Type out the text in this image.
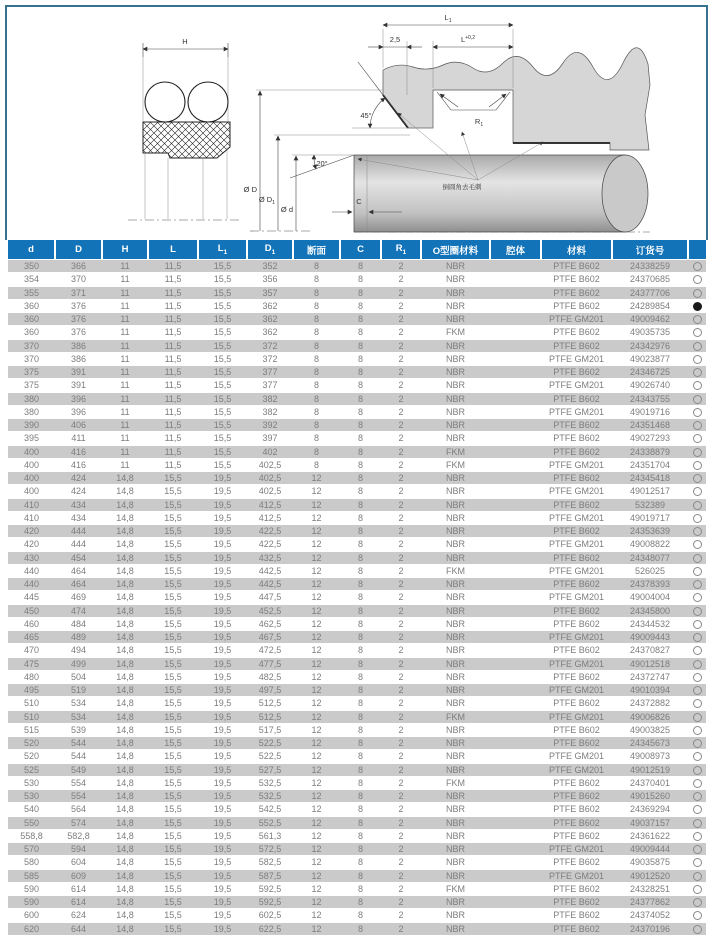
H
$L_1$
2,5	$L^{+0,2}$
45°
20°
$R_1$
C
Ø D
Ø $D_1$
Ø d
倒圆角去毛刺
d	D	H	L	$L_1$	$D_1$	断面	C	$R_1$	O型圈材料	腔体	材料	订货号	
350	366	11	11,5	15,5	352	8	8	2	NBR		PTFE B602	24338259	
354	370	11	11,5	15,5	356	8	8	2	NBR		PTFE B602	24370685	
355	371	11	11,5	15,5	357	8	8	2	NBR		PTFE B602	24377706	
360	376	11	11,5	15,5	362	8	8	2	NBR		PTFE B602	24289854	
360	376	11	11,5	15,5	362	8	8	2	NBR		PTFE GM201	49009462	
360	376	11	11,5	15,5	362	8	8	2	FKM		PTFE B602	49035735	
370	386	11	11,5	15,5	372	8	8	2	NBR		PTFE B602	24342976	
370	386	11	11,5	15,5	372	8	8	2	NBR		PTFE GM201	49023877	
375	391	11	11,5	15,5	377	8	8	2	NBR		PTFE B602	24346725	
375	391	11	11,5	15,5	377	8	8	2	NBR		PTFE GM201	49026740	
380	396	11	11,5	15,5	382	8	8	2	NBR		PTFE B602	24343755	
380	396	11	11,5	15,5	382	8	8	2	NBR		PTFE GM201	49019716	
390	406	11	11,5	15,5	392	8	8	2	NBR		PTFE B602	24351468	
395	411	11	11,5	15,5	397	8	8	2	NBR		PTFE B602	49027293	
400	416	11	11,5	15,5	402	8	8	2	FKM		PTFE B602	24338879	
400	416	11	11,5	15,5	402,5	8	8	2	FKM		PTFE GM201	24351704	
400	424	14,8	15,5	19,5	402,5	12	8	2	NBR		PTFE B602	24345418	
400	424	14,8	15,5	19,5	402,5	12	8	2	NBR		PTFE GM201	49012517	
410	434	14,8	15,5	19,5	412,5	12	8	2	NBR		PTFE B602	532389	
410	434	14,8	15,5	19,5	412,5	12	8	2	NBR		PTFE GM201	49019717	
420	444	14,8	15,5	19,5	422,5	12	8	2	NBR		PTFE B602	24353639	
420	444	14,8	15,5	19,5	422,5	12	8	2	NBR		PTFE GM201	49008822	
430	454	14,8	15,5	19,5	432,5	12	8	2	NBR		PTFE B602	24348077	
440	464	14,8	15,5	19,5	442,5	12	8	2	FKM		PTFE GM201	526025	
440	464	14,8	15,5	19,5	442,5	12	8	2	NBR		PTFE B602	24378393	
445	469	14,8	15,5	19,5	447,5	12	8	2	NBR		PTFE GM201	49004004	
450	474	14,8	15,5	19,5	452,5	12	8	2	NBR		PTFE B602	24345800	
460	484	14,8	15,5	19,5	462,5	12	8	2	NBR		PTFE B602	24344532	
465	489	14,8	15,5	19,5	467,5	12	8	2	NBR		PTFE GM201	49009443	
470	494	14,8	15,5	19,5	472,5	12	8	2	NBR		PTFE B602	24370827	
475	499	14,8	15,5	19,5	477,5	12	8	2	NBR		PTFE GM201	49012518	
480	504	14,8	15,5	19,5	482,5	12	8	2	NBR		PTFE B602	24372747	
495	519	14,8	15,5	19,5	497,5	12	8	2	NBR		PTFE GM201	49010394	
510	534	14,8	15,5	19,5	512,5	12	8	2	NBR		PTFE B602	24372882	
510	534	14,8	15,5	19,5	512,5	12	8	2	FKM		PTFE GM201	49006826	
515	539	14,8	15,5	19,5	517,5	12	8	2	NBR		PTFE B602	49003825	
520	544	14,8	15,5	19,5	522,5	12	8	2	NBR		PTFE B602	24345673	
520	544	14,8	15,5	19,5	522,5	12	8	2	NBR		PTFE GM201	49008973	
525	549	14,8	15,5	19,5	527,5	12	8	2	NBR		PTFE GM201	49012519	
530	554	14,8	15,5	19,5	532,5	12	8	2	FKM		PTFE B602	24370401	
530	554	14,8	15,5	19,5	532,5	12	8	2	NBR		PTFE B602	49015260	
540	564	14,8	15,5	19,5	542,5	12	8	2	NBR		PTFE B602	24369294	
550	574	14,8	15,5	19,5	552,5	12	8	2	NBR		PTFE B602	49037157	
558,8	582,8	14,8	15,5	19,5	561,3	12	8	2	NBR		PTFE B602	24361622	
570	594	14,8	15,5	19,5	572,5	12	8	2	NBR		PTFE GM201	49009444	
580	604	14,8	15,5	19,5	582,5	12	8	2	NBR		PTFE B602	49035875	
585	609	14,8	15,5	19,5	587,5	12	8	2	NBR		PTFE GM201	49012520	
590	614	14,8	15,5	19,5	592,5	12	8	2	FKM		PTFE B602	24328251	
590	614	14,8	15,5	19,5	592,5	12	8	2	NBR		PTFE B602	24377862	
600	624	14,8	15,5	19,5	602,5	12	8	2	NBR		PTFE B602	24374052	
620	644	14,8	15,5	19,5	622,5	12	8	2	NBR		PTFE B602	24370196	
